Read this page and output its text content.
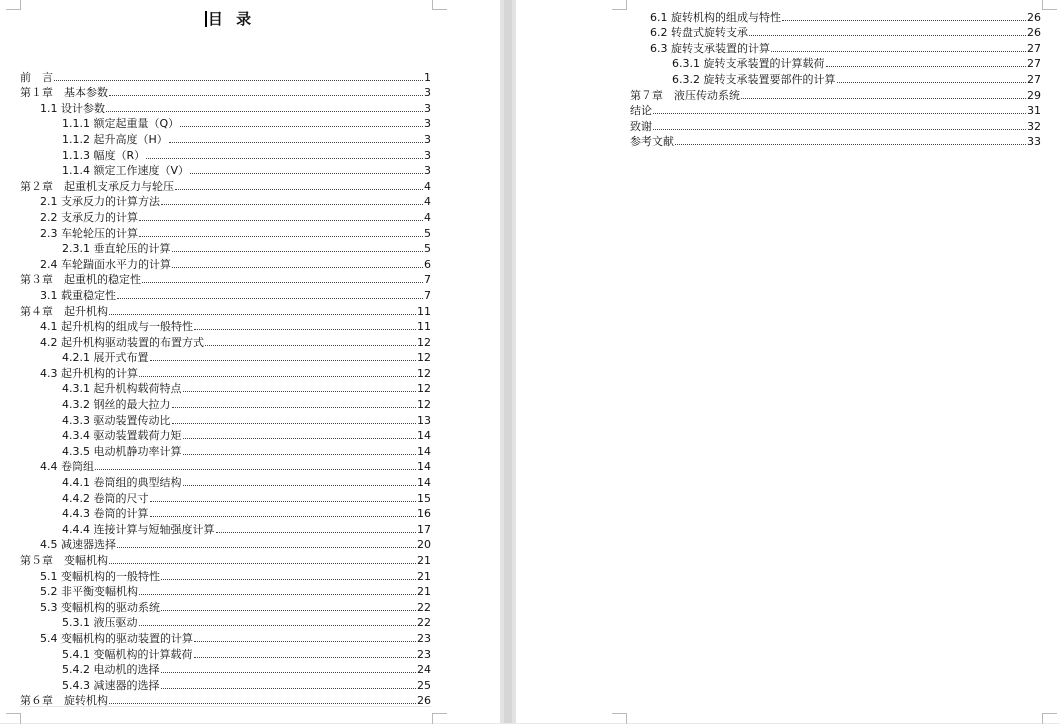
目 录
前　言	1
第１章　基本参数	3
1.1 设计参数	3
1.1.1 额定起重量（Q）	3
1.1.2 起升高度（H）	3
1.1.3 幅度（R）	3
1.1.4 额定工作速度（V）	3
第２章　起重机支承反力与轮压	4
2.1 支承反力的计算方法	4
2.2 支承反力的计算	4
2.3 车轮轮压的计算	5
2.3.1 垂直轮压的计算	5
2.4 车轮踹面水平力的计算	6
第３章　起重机的稳定性	7
3.1 载重稳定性	7
第４章　起升机构	11
4.1 起升机构的组成与一般特性	11
4.2 起升机构驱动装置的布置方式	12
4.2.1 展开式布置	12
4.3 起升机构的计算	12
4.3.1 起升机构载荷特点	12
4.3.2 钢丝的最大拉力	12
4.3.3 驱动装置传动比	13
4.3.4 驱动装置载荷力矩	14
4.3.5 电动机静功率计算	14
4.4 卷筒组	14
4.4.1 卷筒组的典型结构	14
4.4.2 卷筒的尺寸	15
4.4.3 卷筒的计算	16
4.4.4 连接计算与短轴强度计算	17
4.5 减速器选择	20
第５章　变幅机构	21
5.1 变幅机构的一般特性	21
5.2 非平衡变幅机构	21
5.3 变幅机构的驱动系统	22
5.3.1 液压驱动	22
5.4 变幅机构的驱动装置的计算	23
5.4.1 变幅机构的计算载荷	23
5.4.2 电动机的选择	24
5.4.3 减速器的选择	25
第６章　旋转机构	26
6.1 旋转机构的组成与特性	26
6.2 转盘式旋转支承	26
6.3 旋转支承装置的计算	27
6.3.1 旋转支承装置的计算载荷	27
6.3.2 旋转支承装置要部件的计算	27
第７章　液压传动系统	29
结论	31
致谢	32
参考文献	33
